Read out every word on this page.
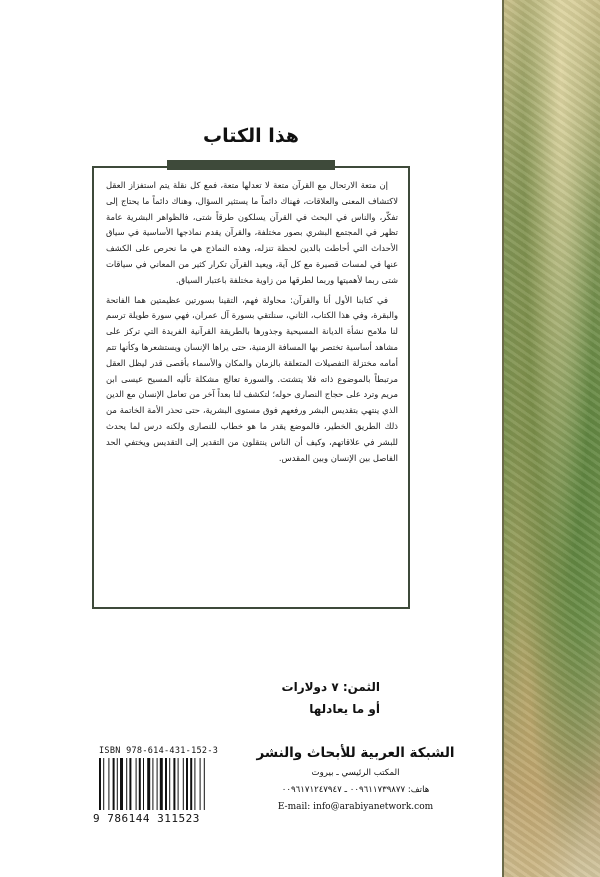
هذا الكتاب

إن متعة الارتحال مع القرآن متعة لا تعدلها متعة، فمع كل نقلة يتم استفزاز العقل لاكتشاف المعنى والعلاقات، فهناك دائماً ما يستثير السؤال، وهناك دائماً ما يحتاج إلى تفكّر، والناس في البحث في القرآن يسلكون طرقاً شتى، فالظواهر البشرية عامة تظهر في المجتمع البشري بصور مختلفة، والقرآن يقدم نماذجها الأساسية في سياق الأحداث التي أحاطت بالدين لحظة تنزله، وهذه النماذج هي ما نحرص على الكشف عنها في لمسات قصيرة مع كل آية، ويعيد القرآن تكرار كثير من المعاني في سياقات شتى ربما لأهميتها وربما لطرقها من زاوية مختلفة باعتبار السياق.

في كتابنا الأول أنا والقرآن: محاولة فهم، التقينا بسورتين عظيمتين هما الفاتحة والبقرة، وفي هذا الكتاب، الثاني، سنلتقي بسورة آل عمران، فهي سورة طويلة ترسم لنا ملامح نشأة الديانة المسيحية وجذورها بالطريقة القرآنية الفريدة التي تركز على مشاهد أساسية تختصر بها المسافة الزمنية، حتى يراها الإنسان ويستشعرها وكأنها تتم أمامه مختزلة التفصيلات المتعلقة بالزمان والمكان والأسماء بأقصى قدر ليظل العقل مرتبطاً بالموضوع ذاته فلا يتشتت. والسورة تعالج مشكلة تأليه المسيح عيسى ابن مريم وترد على حجاج النصارى حوله؛ لتكشف لنا بعداً آخر من تعامل الإنسان مع الدين الذي ينتهي بتقديس البشر ورفعهم فوق مستوى البشرية، حتى تحذر الأمة الخاتمة من ذلك الطريق الخطير، فالموضع يقدر ما هو خطاب للنصارى ولكنه درس لما يحدث للبشر في علاقاتهم، وكيف أن الناس ينتقلون من التقدير إلى التقديس ويختفي الحد الفاصل بين الإنسان وبين المقدس.

الثمن: ٧ دولارات
أو ما يعادلها
ISBN 978-614-431-152-3
9 786144 311523
الشبكة العربية للأبحاث والنشر
المكتب الرئيسي ـ بيروت
هاتف: ٠٠٩٦١١٧٣٩٨٧٧ ـ ٠٠٩٦١٧١٢٤٧٩٤٧
E-mail: info@arabiyanetwork.com
